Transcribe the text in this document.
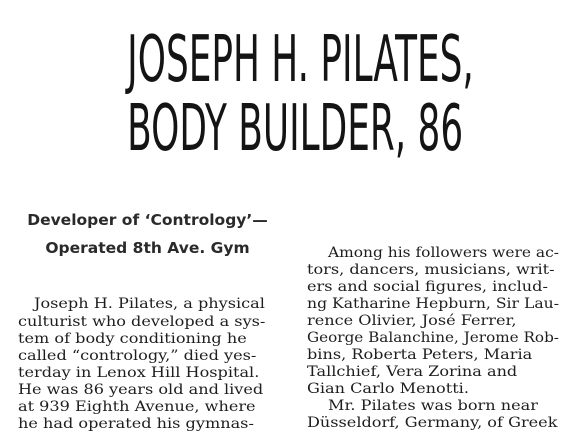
JOSEPH H. PILATES,
BODY BUILDER, 86
Developer of ‘Contrology’—
Operated 8th Ave. Gym
Joseph H. Pilates, a physical
culturist who developed a sys-
tem of body conditioning he
called “contrology,” died yes-
terday in Lenox Hill Hospital.
He was 86 years old and lived
at 939 Eighth Avenue, where
he had operated his gymnas-
Among his followers were ac-
tors, dancers, musicians, writ-
ers and social figures, includ-
ng Katharine Hepburn, Sir Lau-
rence Olivier, José Ferrer,
George Balanchine, Jerome Rob-
bins, Roberta Peters, Maria
Tallchief, Vera Zorina and
Gian Carlo Menotti.
Mr. Pilates was born near
Düsseldorf, Germany, of Greek
